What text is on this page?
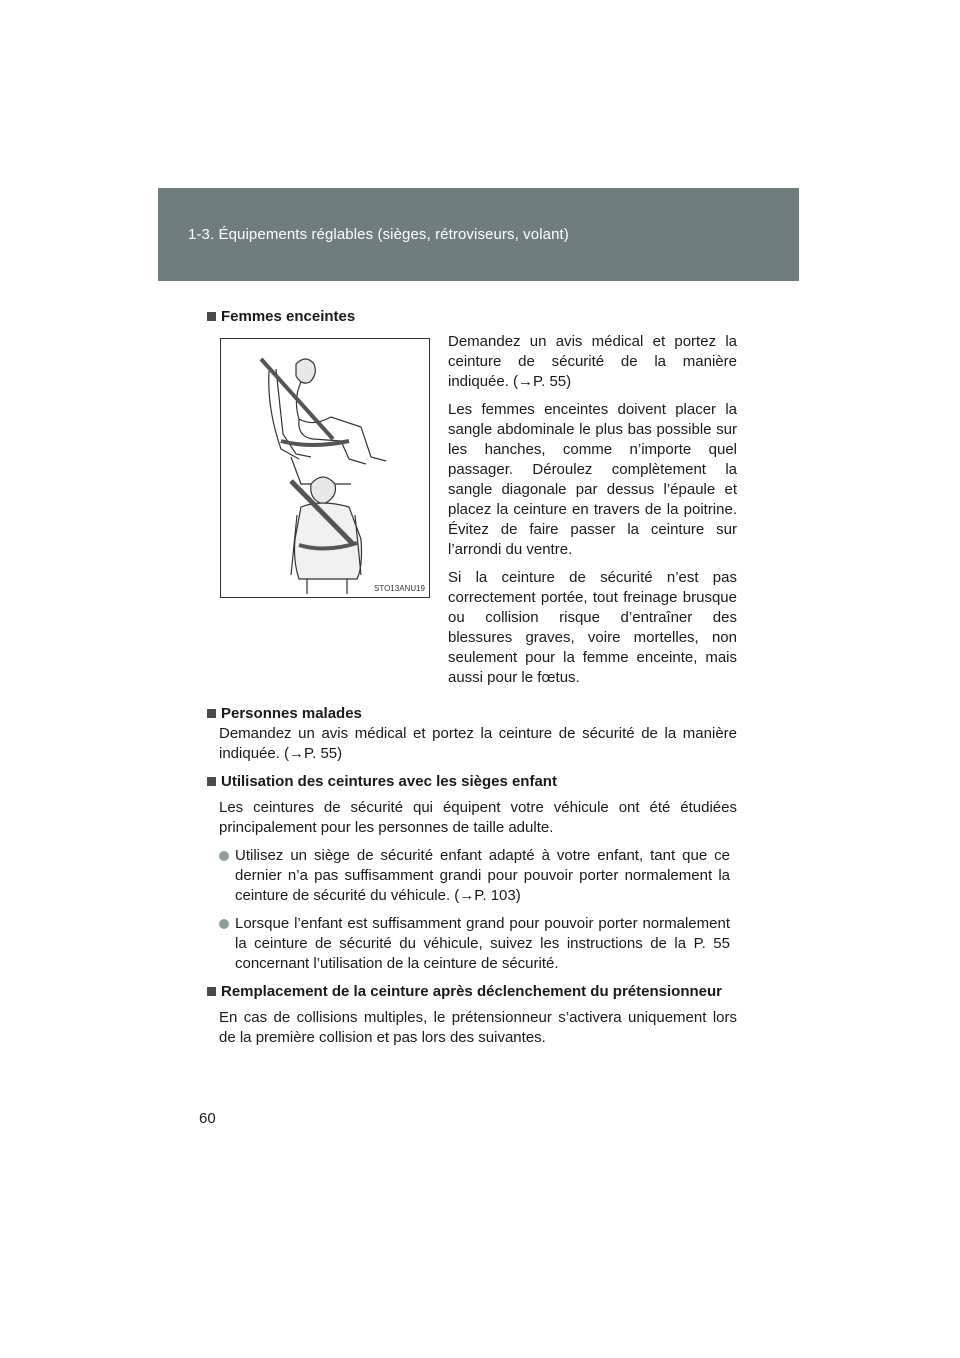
1-3. Équipements réglables (sièges, rétroviseurs, volant)
Femmes enceintes
STO13ANU19
Demandez un avis médical et portez la ceinture de sécurité de la manière indiquée. (→P. 55)
Les femmes enceintes doivent placer la sangle abdominale le plus bas possible sur les hanches, comme n’importe quel passager. Déroulez complètement la sangle diagonale par dessus l’épaule et placez la ceinture en travers de la poitrine. Évitez de faire passer la ceinture sur l’arrondi du ventre.
Si la ceinture de sécurité n’est pas correctement portée, tout freinage brusque ou collision risque d’entraîner des blessures graves, voire mortelles, non seulement pour la femme enceinte, mais aussi pour le fœtus.
Personnes malades
Demandez un avis médical et portez la ceinture de sécurité de la manière indiquée. (→P. 55)
Utilisation des ceintures avec les sièges enfant
Les ceintures de sécurité qui équipent votre véhicule ont été étudiées principalement pour les personnes de taille adulte.
Utilisez un siège de sécurité enfant adapté à votre enfant, tant que ce dernier n’a pas suffisamment grandi pour pouvoir porter normalement la ceinture de sécurité du véhicule. (→P. 103)
Lorsque l’enfant est suffisamment grand pour pouvoir porter normalement la ceinture de sécurité du véhicule, suivez les instructions de la P. 55 concernant l’utilisation de la ceinture de sécurité.
Remplacement de la ceinture après déclenchement du prétensionneur
En cas de collisions multiples, le prétensionneur s’activera uniquement lors de la première collision et pas lors des suivantes.
60
